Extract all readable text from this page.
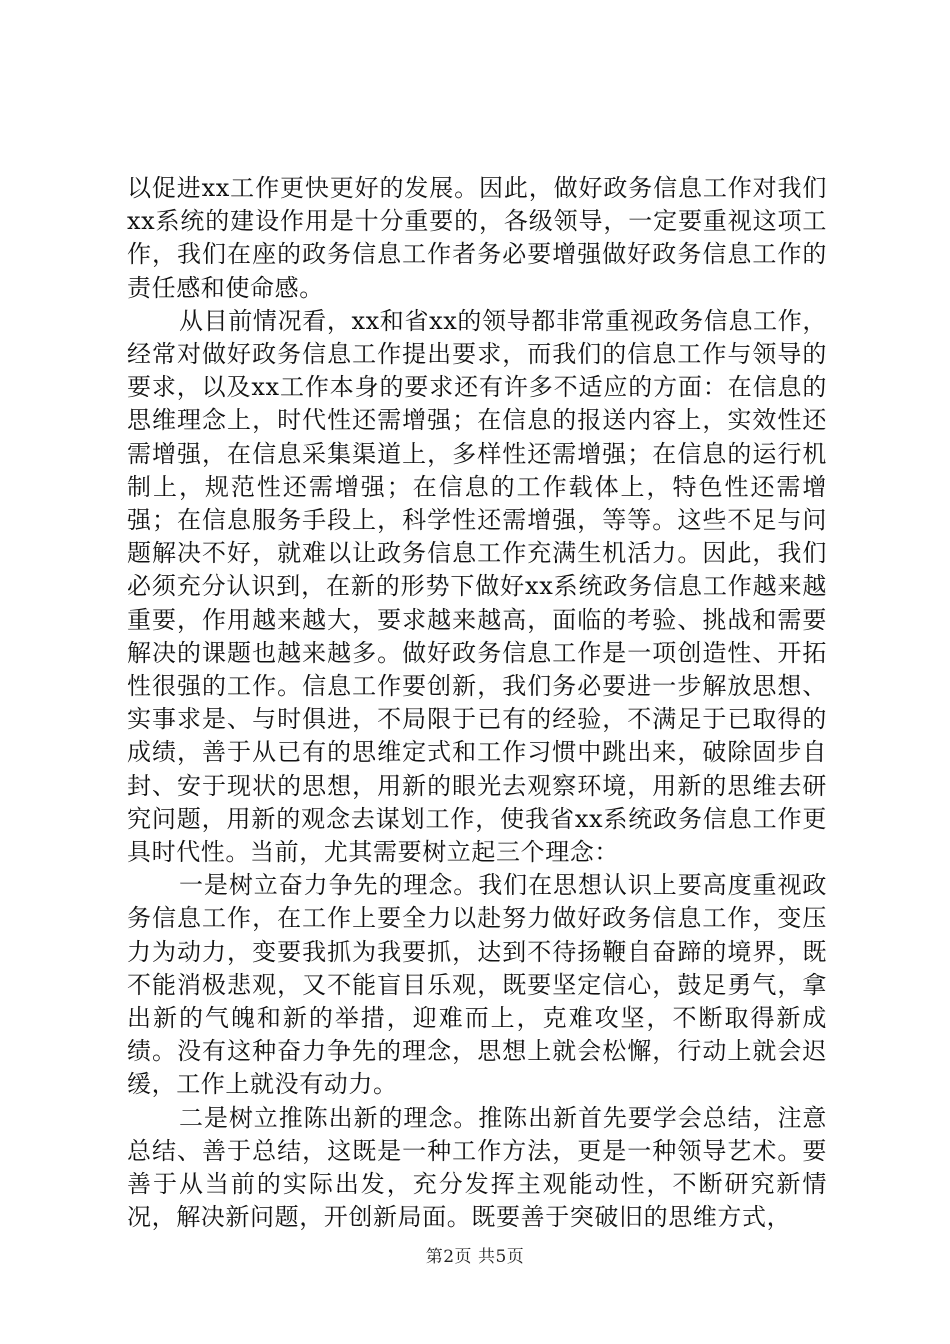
以促进xx工作更快更好的发展。因此，做好政务信息工作对我们xx系统的建设作用是十分重要的，各级领导，一定要重视这项工作，我们在座的政务信息工作者务必要增强做好政务信息工作的责任感和使命感。

从目前情况看，xx和省xx的领导都非常重视政务信息工作，经常对做好政务信息工作提出要求，而我们的信息工作与领导的要求，以及xx工作本身的要求还有许多不适应的方面：在信息的思维理念上，时代性还需增强；在信息的报送内容上，实效性还需增强，在信息采集渠道上，多样性还需增强；在信息的运行机制上，规范性还需增强；在信息的工作载体上，特色性还需增强；在信息服务手段上，科学性还需增强，等等。这些不足与问题解决不好，就难以让政务信息工作充满生机活力。因此，我们必须充分认识到，在新的形势下做好xx系统政务信息工作越来越重要，作用越来越大，要求越来越高，面临的考验、挑战和需要解决的课题也越来越多。做好政务信息工作是一项创造性、开拓性很强的工作。信息工作要创新，我们务必要进一步解放思想、实事求是、与时俱进，不局限于已有的经验，不满足于已取得的成绩，善于从已有的思维定式和工作习惯中跳出来，破除固步自封、安于现状的思想，用新的眼光去观察环境，用新的思维去研究问题，用新的观念去谋划工作，使我省xx系统政务信息工作更具时代性。当前，尤其需要树立起三个理念：

一是树立奋力争先的理念。我们在思想认识上要高度重视政务信息工作，在工作上要全力以赴努力做好政务信息工作，变压力为动力，变要我抓为我要抓，达到不待扬鞭自奋蹄的境界，既不能消极悲观，又不能盲目乐观，既要坚定信心，鼓足勇气，拿出新的气魄和新的举措，迎难而上，克难攻坚，不断取得新成绩。没有这种奋力争先的理念，思想上就会松懈，行动上就会迟缓，工作上就没有动力。

二是树立推陈出新的理念。推陈出新首先要学会总结，注意总结、善于总结，这既是一种工作方法，更是一种领导艺术。要善于从当前的实际出发，充分发挥主观能动性，不断研究新情况，解决新问题，开创新局面。既要善于突破旧的思维方式，

第2页 共5页
